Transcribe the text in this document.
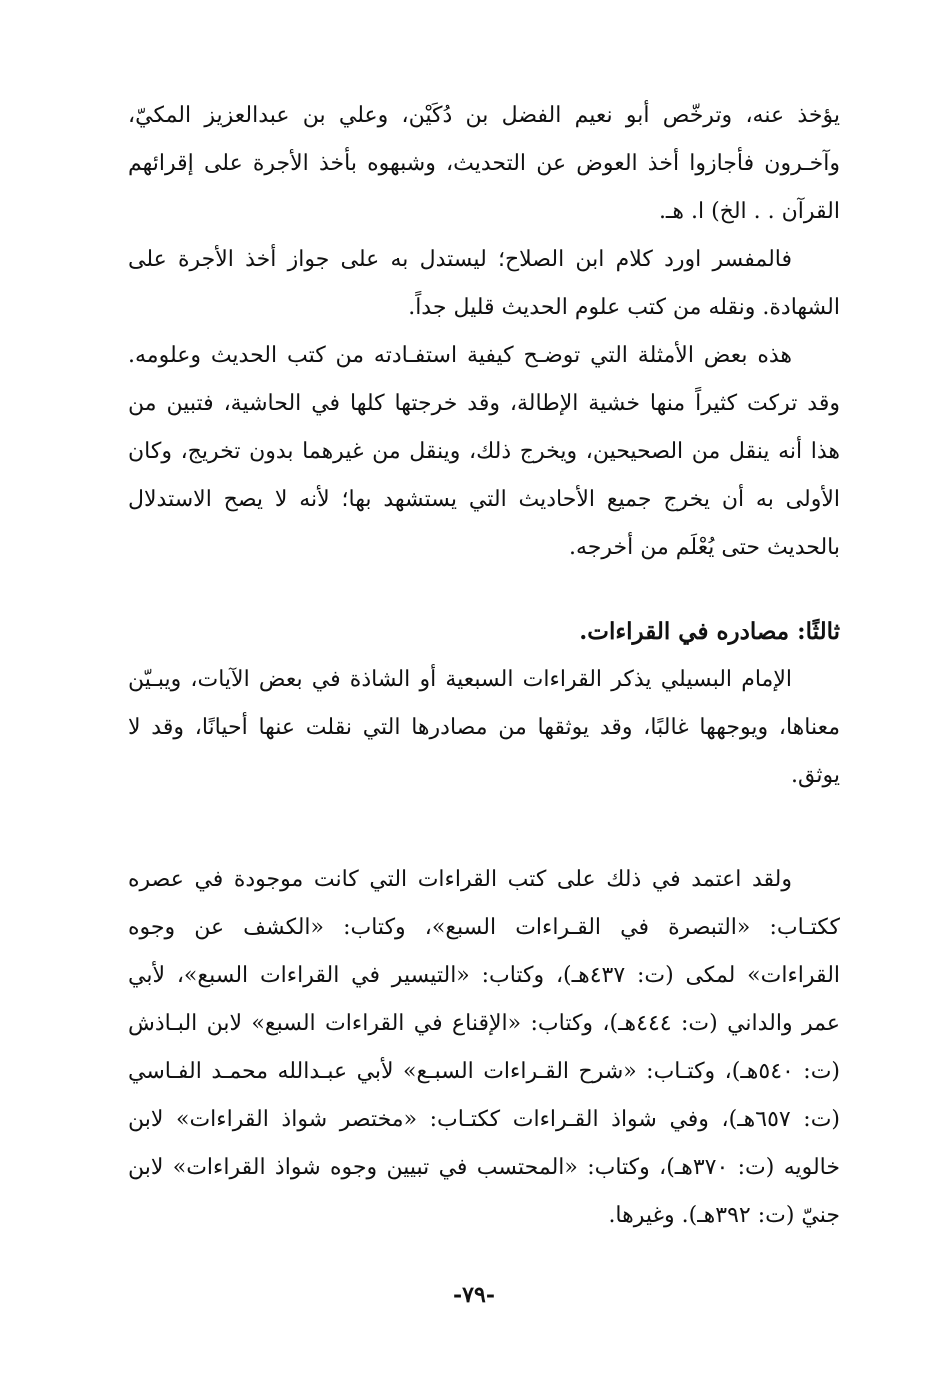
يؤخذ عنه، وترخّص أبو نعيم الفضل بن دُكَيْن، وعلي بن عبدالعزيز المكيّ، وآخـرون فأجازوا أخذ العوض عن التحديث، وشبهوه بأخذ الأجرة على إقرائهم القرآن . . الخ) ا. هـ.

فالمفسر اورد كلام ابن الصلاح؛ ليستدل به على جواز أخذ الأجرة على الشهادة. ونقله من كتب علوم الحديث قليل جداً.

هذه بعض الأمثلة التي توضـح كيفية استفـادته من كتب الحديث وعلومه. وقد تركت كثيراً منها خشية الإطالة، وقد خرجتها كلها في الحاشية، فتبين من هذا أنه ينقل من الصحيحين، ويخرج ذلك، وينقل من غيرهما بدون تخريج، وكان الأولى به أن يخرج جميع الأحاديث التي يستشهد بها؛ لأنه لا يصح الاستدلال بالحديث حتى يُعْلَم من أخرجه.

ثالثًا: مصادره في القراءات.

الإمام البسيلي يذكر القراءات السبعية أو الشاذة في بعض الآيات، ويبـيّن معناها، ويوجهها غالبًا، وقد يوثقها من مصادرها التي نقلت عنها أحيانًا، وقد لا يوثق.

ولقد اعتمد في ذلك على كتب القراءات التي كانت موجودة في عصره ككتـاب: «التبصرة في القـراءات السبع»، وكتاب: «الكشف عن وجوه القراءات» لمكى (ت: ٤٣٧هـ)، وكتاب: «التيسير في القراءات السبع»، لأبي عمر والداني (ت: ٤٤٤هـ)، وكتاب: «الإقناع في القراءات السبع» لابن البـاذش (ت: ٥٤٠هـ)، وكتـاب: «شرح القـراءات السبـع» لأبي عبـدالله محمـد الفـاسي (ت: ٦٥٧هـ)، وفي شواذ القـراءات ككتـاب: «مختصر شواذ القراءات» لابن خالويه (ت: ٣٧٠هـ)، وكتاب: «المحتسب في تبيين وجوه شواذ القراءات» لابن جنيّ (ت: ٣٩٢هـ). وغيرها.

-٧٩-
